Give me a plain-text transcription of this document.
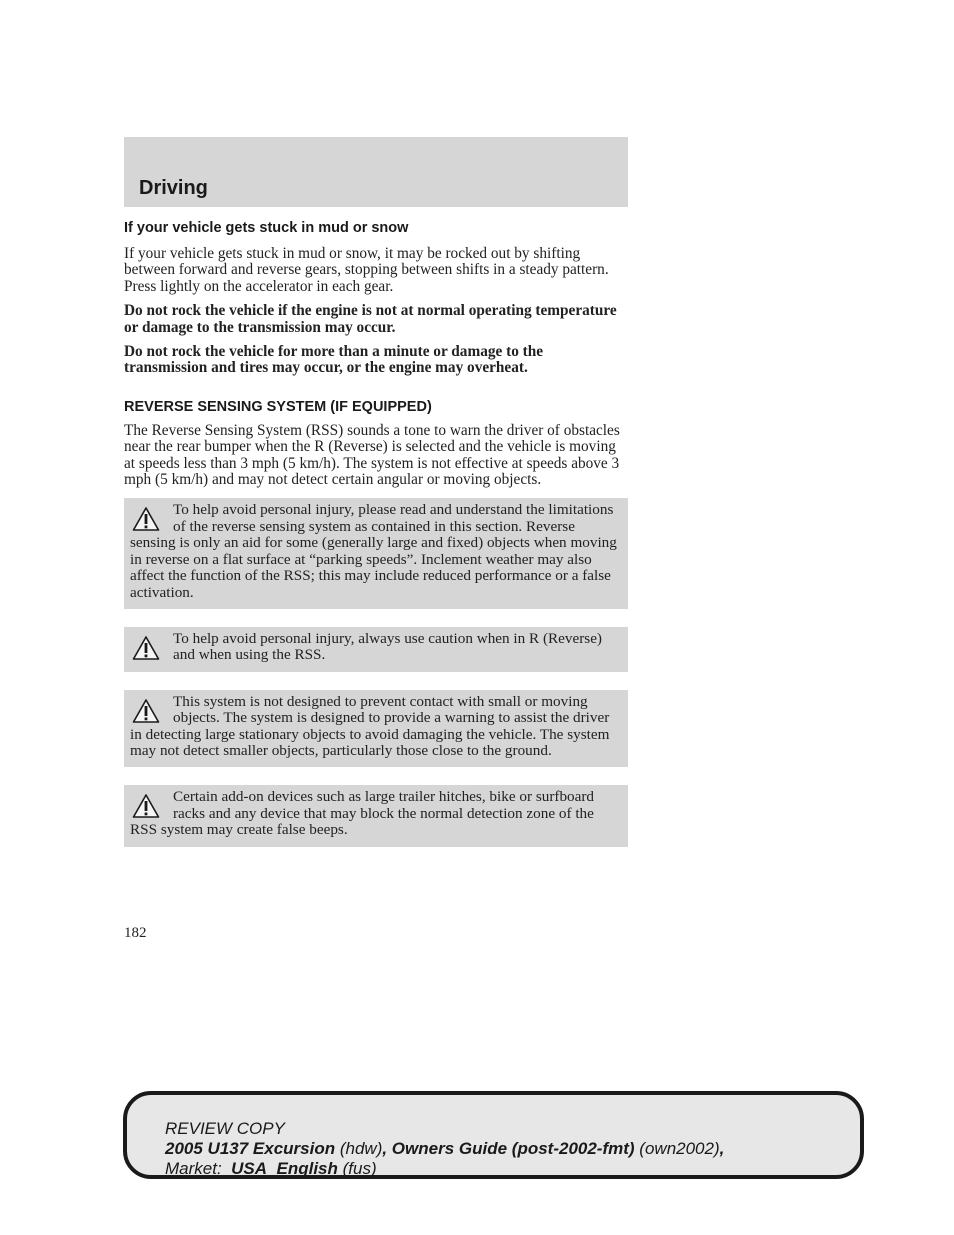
Driving
If your vehicle gets stuck in mud or snow

If your vehicle gets stuck in mud or snow, it may be rocked out by shifting between forward and reverse gears, stopping between shifts in a steady pattern. Press lightly on the accelerator in each gear.

Do not rock the vehicle if the engine is not at normal operating temperature or damage to the transmission may occur.

Do not rock the vehicle for more than a minute or damage to the transmission and tires may occur, or the engine may overheat.

REVERSE SENSING SYSTEM (IF EQUIPPED)

The Reverse Sensing System (RSS) sounds a tone to warn the driver of obstacles near the rear bumper when the R (Reverse) is selected and the vehicle is moving at speeds less than 3 mph (5 km/h). The system is not effective at speeds above 3 mph (5 km/h) and may not detect certain angular or moving objects.

To help avoid personal injury, please read and understand the limitations of the reverse sensing system as contained in this section. Reverse sensing is only an aid for some (generally large and fixed) objects when moving in reverse on a flat surface at “parking speeds”. Inclement weather may also affect the function of the RSS; this may include reduced performance or a false activation.

To help avoid personal injury, always use caution when in R (Reverse) and when using the RSS.

This system is not designed to prevent contact with small or moving objects. The system is designed to provide a warning to assist the driver in detecting large stationary objects to avoid damaging the vehicle. The system may not detect smaller objects, particularly those close to the ground.

Certain add-on devices such as large trailer hitches, bike or surfboard racks and any device that may block the normal detection zone of the RSS system may create false beeps.

182
REVIEW COPY
2005 U137 Excursion (hdw), Owners Guide (post-2002-fmt) (own2002),
Market: USA_English (fus)
